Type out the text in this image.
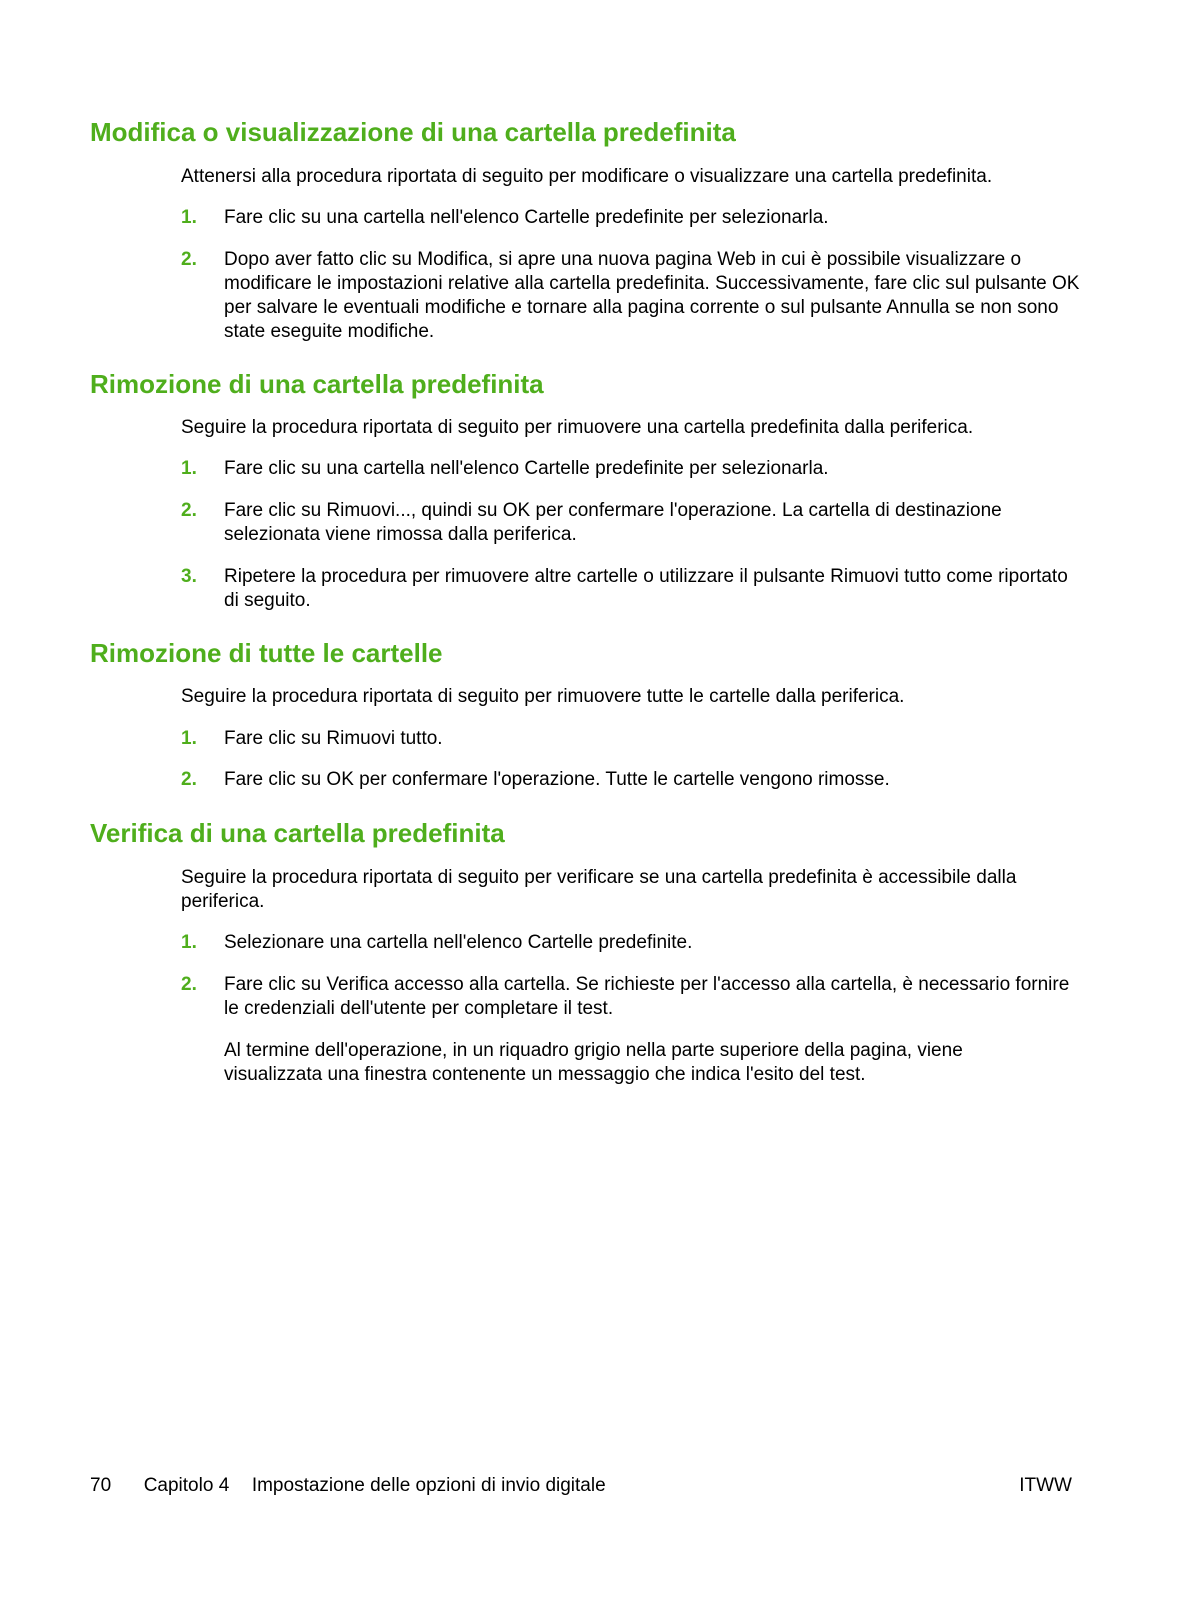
Modifica o visualizzazione di una cartella predefinita

Attenersi alla procedura riportata di seguito per modificare o visualizzare una cartella predefinita.

1. Fare clic su una cartella nell'elenco Cartelle predefinite per selezionarla.

2. Dopo aver fatto clic su Modifica, si apre una nuova pagina Web in cui è possibile visualizzare o modificare le impostazioni relative alla cartella predefinita. Successivamente, fare clic sul pulsante OK per salvare le eventuali modifiche e tornare alla pagina corrente o sul pulsante Annulla se non sono state eseguite modifiche.

Rimozione di una cartella predefinita

Seguire la procedura riportata di seguito per rimuovere una cartella predefinita dalla periferica.

1. Fare clic su una cartella nell'elenco Cartelle predefinite per selezionarla.

2. Fare clic su Rimuovi..., quindi su OK per confermare l'operazione. La cartella di destinazione selezionata viene rimossa dalla periferica.

3. Ripetere la procedura per rimuovere altre cartelle o utilizzare il pulsante Rimuovi tutto come riportato di seguito.

Rimozione di tutte le cartelle

Seguire la procedura riportata di seguito per rimuovere tutte le cartelle dalla periferica.

1. Fare clic su Rimuovi tutto.

2. Fare clic su OK per confermare l'operazione. Tutte le cartelle vengono rimosse.

Verifica di una cartella predefinita

Seguire la procedura riportata di seguito per verificare se una cartella predefinita è accessibile dalla periferica.

1. Selezionare una cartella nell'elenco Cartelle predefinite.

2. Fare clic su Verifica accesso alla cartella. Se richieste per l'accesso alla cartella, è necessario fornire le credenziali dell'utente per completare il test.

Al termine dell'operazione, in un riquadro grigio nella parte superiore della pagina, viene visualizzata una finestra contenente un messaggio che indica l'esito del test.

70 Capitolo 4 Impostazione delle opzioni di invio digitale	ITWW
